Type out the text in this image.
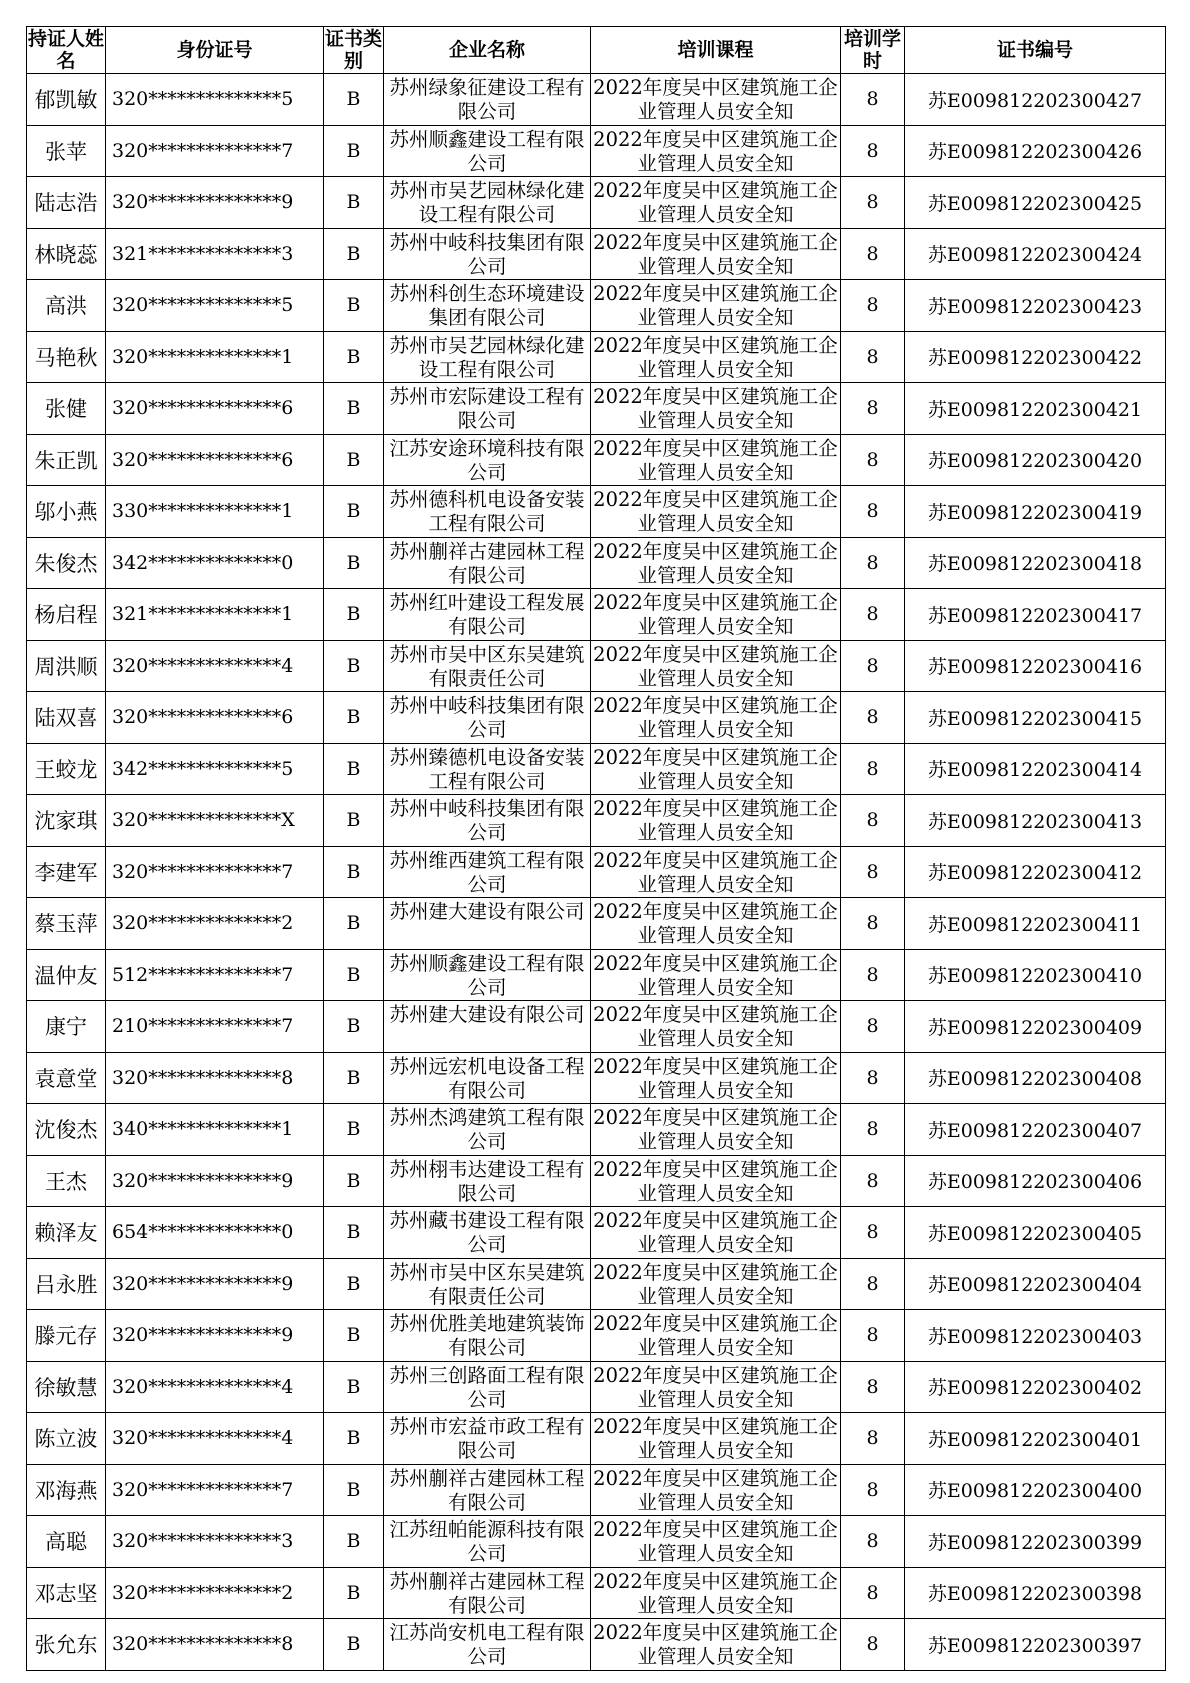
持证人姓名	身份证号	证书类别	企业名称	培训课程	培训学时	证书编号
郁凯敏	320**************5	B	苏州绿象征建设工程有限公司	2022年度吴中区建筑施工企业管理人员安全知	8	苏E009812202300427
张苹	320**************7	B	苏州顺鑫建设工程有限公司	2022年度吴中区建筑施工企业管理人员安全知	8	苏E009812202300426
陆志浩	320**************9	B	苏州市吴艺园林绿化建设工程有限公司	2022年度吴中区建筑施工企业管理人员安全知	8	苏E009812202300425
林晓蕊	321**************3	B	苏州中岐科技集团有限公司	2022年度吴中区建筑施工企业管理人员安全知	8	苏E009812202300424
高洪	320**************5	B	苏州科创生态环境建设集团有限公司	2022年度吴中区建筑施工企业管理人员安全知	8	苏E009812202300423
马艳秋	320**************1	B	苏州市吴艺园林绿化建设工程有限公司	2022年度吴中区建筑施工企业管理人员安全知	8	苏E009812202300422
张健	320**************6	B	苏州市宏际建设工程有限公司	2022年度吴中区建筑施工企业管理人员安全知	8	苏E009812202300421
朱正凯	320**************6	B	江苏安途环境科技有限公司	2022年度吴中区建筑施工企业管理人员安全知	8	苏E009812202300420
邬小燕	330**************1	B	苏州德科机电设备安装工程有限公司	2022年度吴中区建筑施工企业管理人员安全知	8	苏E009812202300419
朱俊杰	342**************0	B	苏州蒯祥古建园林工程有限公司	2022年度吴中区建筑施工企业管理人员安全知	8	苏E009812202300418
杨启程	321**************1	B	苏州红叶建设工程发展有限公司	2022年度吴中区建筑施工企业管理人员安全知	8	苏E009812202300417
周洪顺	320**************4	B	苏州市吴中区东吴建筑有限责任公司	2022年度吴中区建筑施工企业管理人员安全知	8	苏E009812202300416
陆双喜	320**************6	B	苏州中岐科技集团有限公司	2022年度吴中区建筑施工企业管理人员安全知	8	苏E009812202300415
王蛟龙	342**************5	B	苏州臻德机电设备安装工程有限公司	2022年度吴中区建筑施工企业管理人员安全知	8	苏E009812202300414
沈家琪	320**************X	B	苏州中岐科技集团有限公司	2022年度吴中区建筑施工企业管理人员安全知	8	苏E009812202300413
李建军	320**************7	B	苏州维西建筑工程有限公司	2022年度吴中区建筑施工企业管理人员安全知	8	苏E009812202300412
蔡玉萍	320**************2	B	苏州建大建设有限公司	2022年度吴中区建筑施工企业管理人员安全知	8	苏E009812202300411
温仲友	512**************7	B	苏州顺鑫建设工程有限公司	2022年度吴中区建筑施工企业管理人员安全知	8	苏E009812202300410
康宁	210**************7	B	苏州建大建设有限公司	2022年度吴中区建筑施工企业管理人员安全知	8	苏E009812202300409
袁意堂	320**************8	B	苏州远宏机电设备工程有限公司	2022年度吴中区建筑施工企业管理人员安全知	8	苏E009812202300408
沈俊杰	340**************1	B	苏州杰鸿建筑工程有限公司	2022年度吴中区建筑施工企业管理人员安全知	8	苏E009812202300407
王杰	320**************9	B	苏州栩韦达建设工程有限公司	2022年度吴中区建筑施工企业管理人员安全知	8	苏E009812202300406
赖泽友	654**************0	B	苏州藏书建设工程有限公司	2022年度吴中区建筑施工企业管理人员安全知	8	苏E009812202300405
吕永胜	320**************9	B	苏州市吴中区东吴建筑有限责任公司	2022年度吴中区建筑施工企业管理人员安全知	8	苏E009812202300404
滕元存	320**************9	B	苏州优胜美地建筑装饰有限公司	2022年度吴中区建筑施工企业管理人员安全知	8	苏E009812202300403
徐敏慧	320**************4	B	苏州三创路面工程有限公司	2022年度吴中区建筑施工企业管理人员安全知	8	苏E009812202300402
陈立波	320**************4	B	苏州市宏益市政工程有限公司	2022年度吴中区建筑施工企业管理人员安全知	8	苏E009812202300401
邓海燕	320**************7	B	苏州蒯祥古建园林工程有限公司	2022年度吴中区建筑施工企业管理人员安全知	8	苏E009812202300400
高聪	320**************3	B	江苏纽帕能源科技有限公司	2022年度吴中区建筑施工企业管理人员安全知	8	苏E009812202300399
邓志坚	320**************2	B	苏州蒯祥古建园林工程有限公司	2022年度吴中区建筑施工企业管理人员安全知	8	苏E009812202300398
张允东	320**************8	B	江苏尚安机电工程有限公司	2022年度吴中区建筑施工企业管理人员安全知	8	苏E009812202300397
